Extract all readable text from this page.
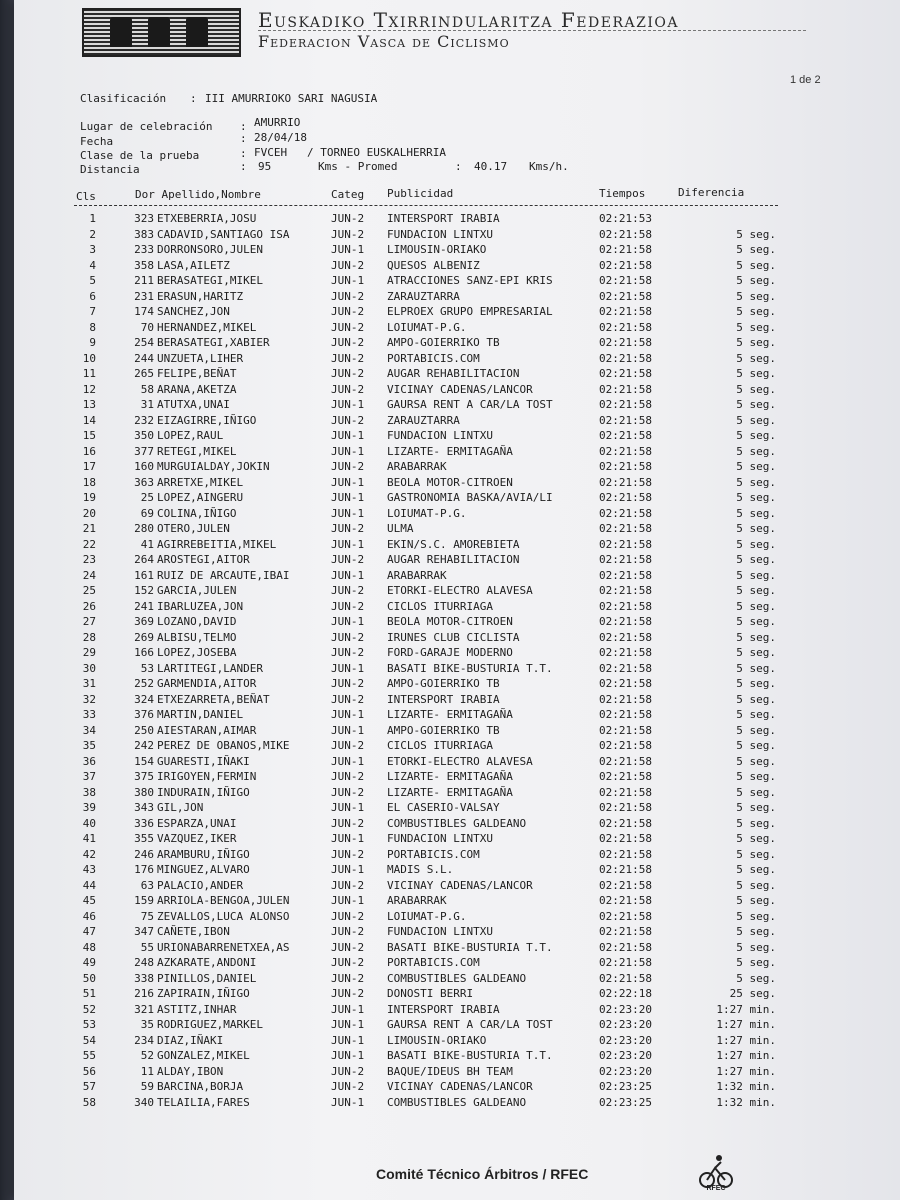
Euskadiko Txirrindularitza Federazioa
Federacion Vasca de Ciclismo
1 de 2
Clasificación : III AMURRIOKO SARI NAGUSIA
Lugar de celebración	: AMURRIO
Fecha	: 28/04/18
Clase de la prueba	: FVCEH   / TORNEO EUSKALHERRIA
Distancia	: 95	Kms - Promed	: 40.17 Kms/h.
Cls	Dor Apellido,Nombre	Categ Publicidad	Tiempos	Diferencia
1	323 ETXEBERRIA,JOSU	JUN-2 INTERSPORT IRABIA	02:21:53
2	383 CADAVID,SANTIAGO ISA	JUN-2 FUNDACION LINTXU	02:21:58	5 seg.
3	233 DORRONSORO,JULEN	JUN-1 LIMOUSIN-ORIAKO	02:21:58	5 seg.
4	358 LASA,AILETZ	JUN-2 QUESOS ALBENIZ	02:21:58	5 seg.
5	211 BERASATEGI,MIKEL	JUN-1 ATRACCIONES SANZ-EPI KRIS	02:21:58	5 seg.
6	231 ERASUN,HARITZ	JUN-2 ZARAUZTARRA	02:21:58	5 seg.
7	174 SANCHEZ,JON	JUN-2 ELPROEX GRUPO EMPRESARIAL	02:21:58	5 seg.
8	70 HERNANDEZ,MIKEL	JUN-2 LOIUMAT-P.G.	02:21:58	5 seg.
9	254 BERASATEGI,XABIER	JUN-2 AMPO-GOIERRIKO TB	02:21:58	5 seg.
10	244 UNZUETA,LIHER	JUN-2 PORTABICIS.COM	02:21:58	5 seg.
11	265 FELIPE,BEÑAT	JUN-2 AUGAR REHABILITACION	02:21:58	5 seg.
12	58 ARANA,AKETZA	JUN-2 VICINAY CADENAS/LANCOR	02:21:58	5 seg.
13	31 ATUTXA,UNAI	JUN-1 GAURSA RENT A CAR/LA TOST	02:21:58	5 seg.
14	232 EIZAGIRRE,IÑIGO	JUN-2 ZARAUZTARRA	02:21:58	5 seg.
15	350 LOPEZ,RAUL	JUN-1 FUNDACION LINTXU	02:21:58	5 seg.
16	377 RETEGI,MIKEL	JUN-1 LIZARTE- ERMITAGAÑA	02:21:58	5 seg.
17	160 MURGUIALDAY,JOKIN	JUN-2 ARABARRAK	02:21:58	5 seg.
18	363 ARRETXE,MIKEL	JUN-1 BEOLA MOTOR-CITROEN	02:21:58	5 seg.
19	25 LOPEZ,AINGERU	JUN-1 GASTRONOMIA BASKA/AVIA/LI	02:21:58	5 seg.
20	69 COLINA,IÑIGO	JUN-1 LOIUMAT-P.G.	02:21:58	5 seg.
21	280 OTERO,JULEN	JUN-2 ULMA	02:21:58	5 seg.
22	41 AGIRREBEITIA,MIKEL	JUN-1 EKIN/S.C. AMOREBIETA	02:21:58	5 seg.
23	264 AROSTEGI,AITOR	JUN-2 AUGAR REHABILITACION	02:21:58	5 seg.
24	161 RUIZ DE ARCAUTE,IBAI	JUN-1 ARABARRAK	02:21:58	5 seg.
25	152 GARCIA,JULEN	JUN-2 ETORKI-ELECTRO ALAVESA	02:21:58	5 seg.
26	241 IBARLUZEA,JON	JUN-2 CICLOS ITURRIAGA	02:21:58	5 seg.
27	369 LOZANO,DAVID	JUN-1 BEOLA MOTOR-CITROEN	02:21:58	5 seg.
28	269 ALBISU,TELMO	JUN-2 IRUNES CLUB CICLISTA	02:21:58	5 seg.
29	166 LOPEZ,JOSEBA	JUN-2 FORD-GARAJE MODERNO	02:21:58	5 seg.
30	53 LARTITEGI,LANDER	JUN-1 BASATI BIKE-BUSTURIA T.T.	02:21:58	5 seg.
31	252 GARMENDIA,AITOR	JUN-2 AMPO-GOIERRIKO TB	02:21:58	5 seg.
32	324 ETXEZARRETA,BEÑAT	JUN-2 INTERSPORT IRABIA	02:21:58	5 seg.
33	376 MARTIN,DANIEL	JUN-1 LIZARTE- ERMITAGAÑA	02:21:58	5 seg.
34	250 AIESTARAN,AIMAR	JUN-1 AMPO-GOIERRIKO TB	02:21:58	5 seg.
35	242 PEREZ DE OBANOS,MIKE	JUN-2 CICLOS ITURRIAGA	02:21:58	5 seg.
36	154 GUARESTI,IÑAKI	JUN-1 ETORKI-ELECTRO ALAVESA	02:21:58	5 seg.
37	375 IRIGOYEN,FERMIN	JUN-2 LIZARTE- ERMITAGAÑA	02:21:58	5 seg.
38	380 INDURAIN,IÑIGO	JUN-2 LIZARTE- ERMITAGAÑA	02:21:58	5 seg.
39	343 GIL,JON	JUN-1 EL CASERIO-VALSAY	02:21:58	5 seg.
40	336 ESPARZA,UNAI	JUN-2 COMBUSTIBLES GALDEANO	02:21:58	5 seg.
41	355 VAZQUEZ,IKER	JUN-1 FUNDACION LINTXU	02:21:58	5 seg.
42	246 ARAMBURU,IÑIGO	JUN-2 PORTABICIS.COM	02:21:58	5 seg.
43	176 MINGUEZ,ALVARO	JUN-1 MADIS S.L.	02:21:58	5 seg.
44	63 PALACIO,ANDER	JUN-2 VICINAY CADENAS/LANCOR	02:21:58	5 seg.
45	159 ARRIOLA-BENGOA,JULEN	JUN-1 ARABARRAK	02:21:58	5 seg.
46	75 ZEVALLOS,LUCA ALONSO	JUN-2 LOIUMAT-P.G.	02:21:58	5 seg.
47	347 CAÑETE,IBON	JUN-2 FUNDACION LINTXU	02:21:58	5 seg.
48	55 URIONABARRENETXEA,AS	JUN-2 BASATI BIKE-BUSTURIA T.T.	02:21:58	5 seg.
49	248 AZKARATE,ANDONI	JUN-2 PORTABICIS.COM	02:21:58	5 seg.
50	338 PINILLOS,DANIEL	JUN-2 COMBUSTIBLES GALDEANO	02:21:58	5 seg.
51	216 ZAPIRAIN,IÑIGO	JUN-2 DONOSTI BERRI	02:22:18	25 seg.
52	321 ASTITZ,INHAR	JUN-1 INTERSPORT IRABIA	02:23:20	1:27 min.
53	35 RODRIGUEZ,MARKEL	JUN-1 GAURSA RENT A CAR/LA TOST	02:23:20	1:27 min.
54	234 DIAZ,IÑAKI	JUN-1 LIMOUSIN-ORIAKO	02:23:20	1:27 min.
55	52 GONZALEZ,MIKEL	JUN-1 BASATI BIKE-BUSTURIA T.T.	02:23:20	1:27 min.
56	11 ALDAY,IBON	JUN-2 BAQUE/IDEUS BH TEAM	02:23:20	1:27 min.
57	59 BARCINA,BORJA	JUN-2 VICINAY CADENAS/LANCOR	02:23:25	1:32 min.
58	340 TELAILIA,FARES	JUN-1 COMBUSTIBLES GALDEANO	02:23:25	1:32 min.
Comité Técnico Árbitros / RFEC
RFEC
